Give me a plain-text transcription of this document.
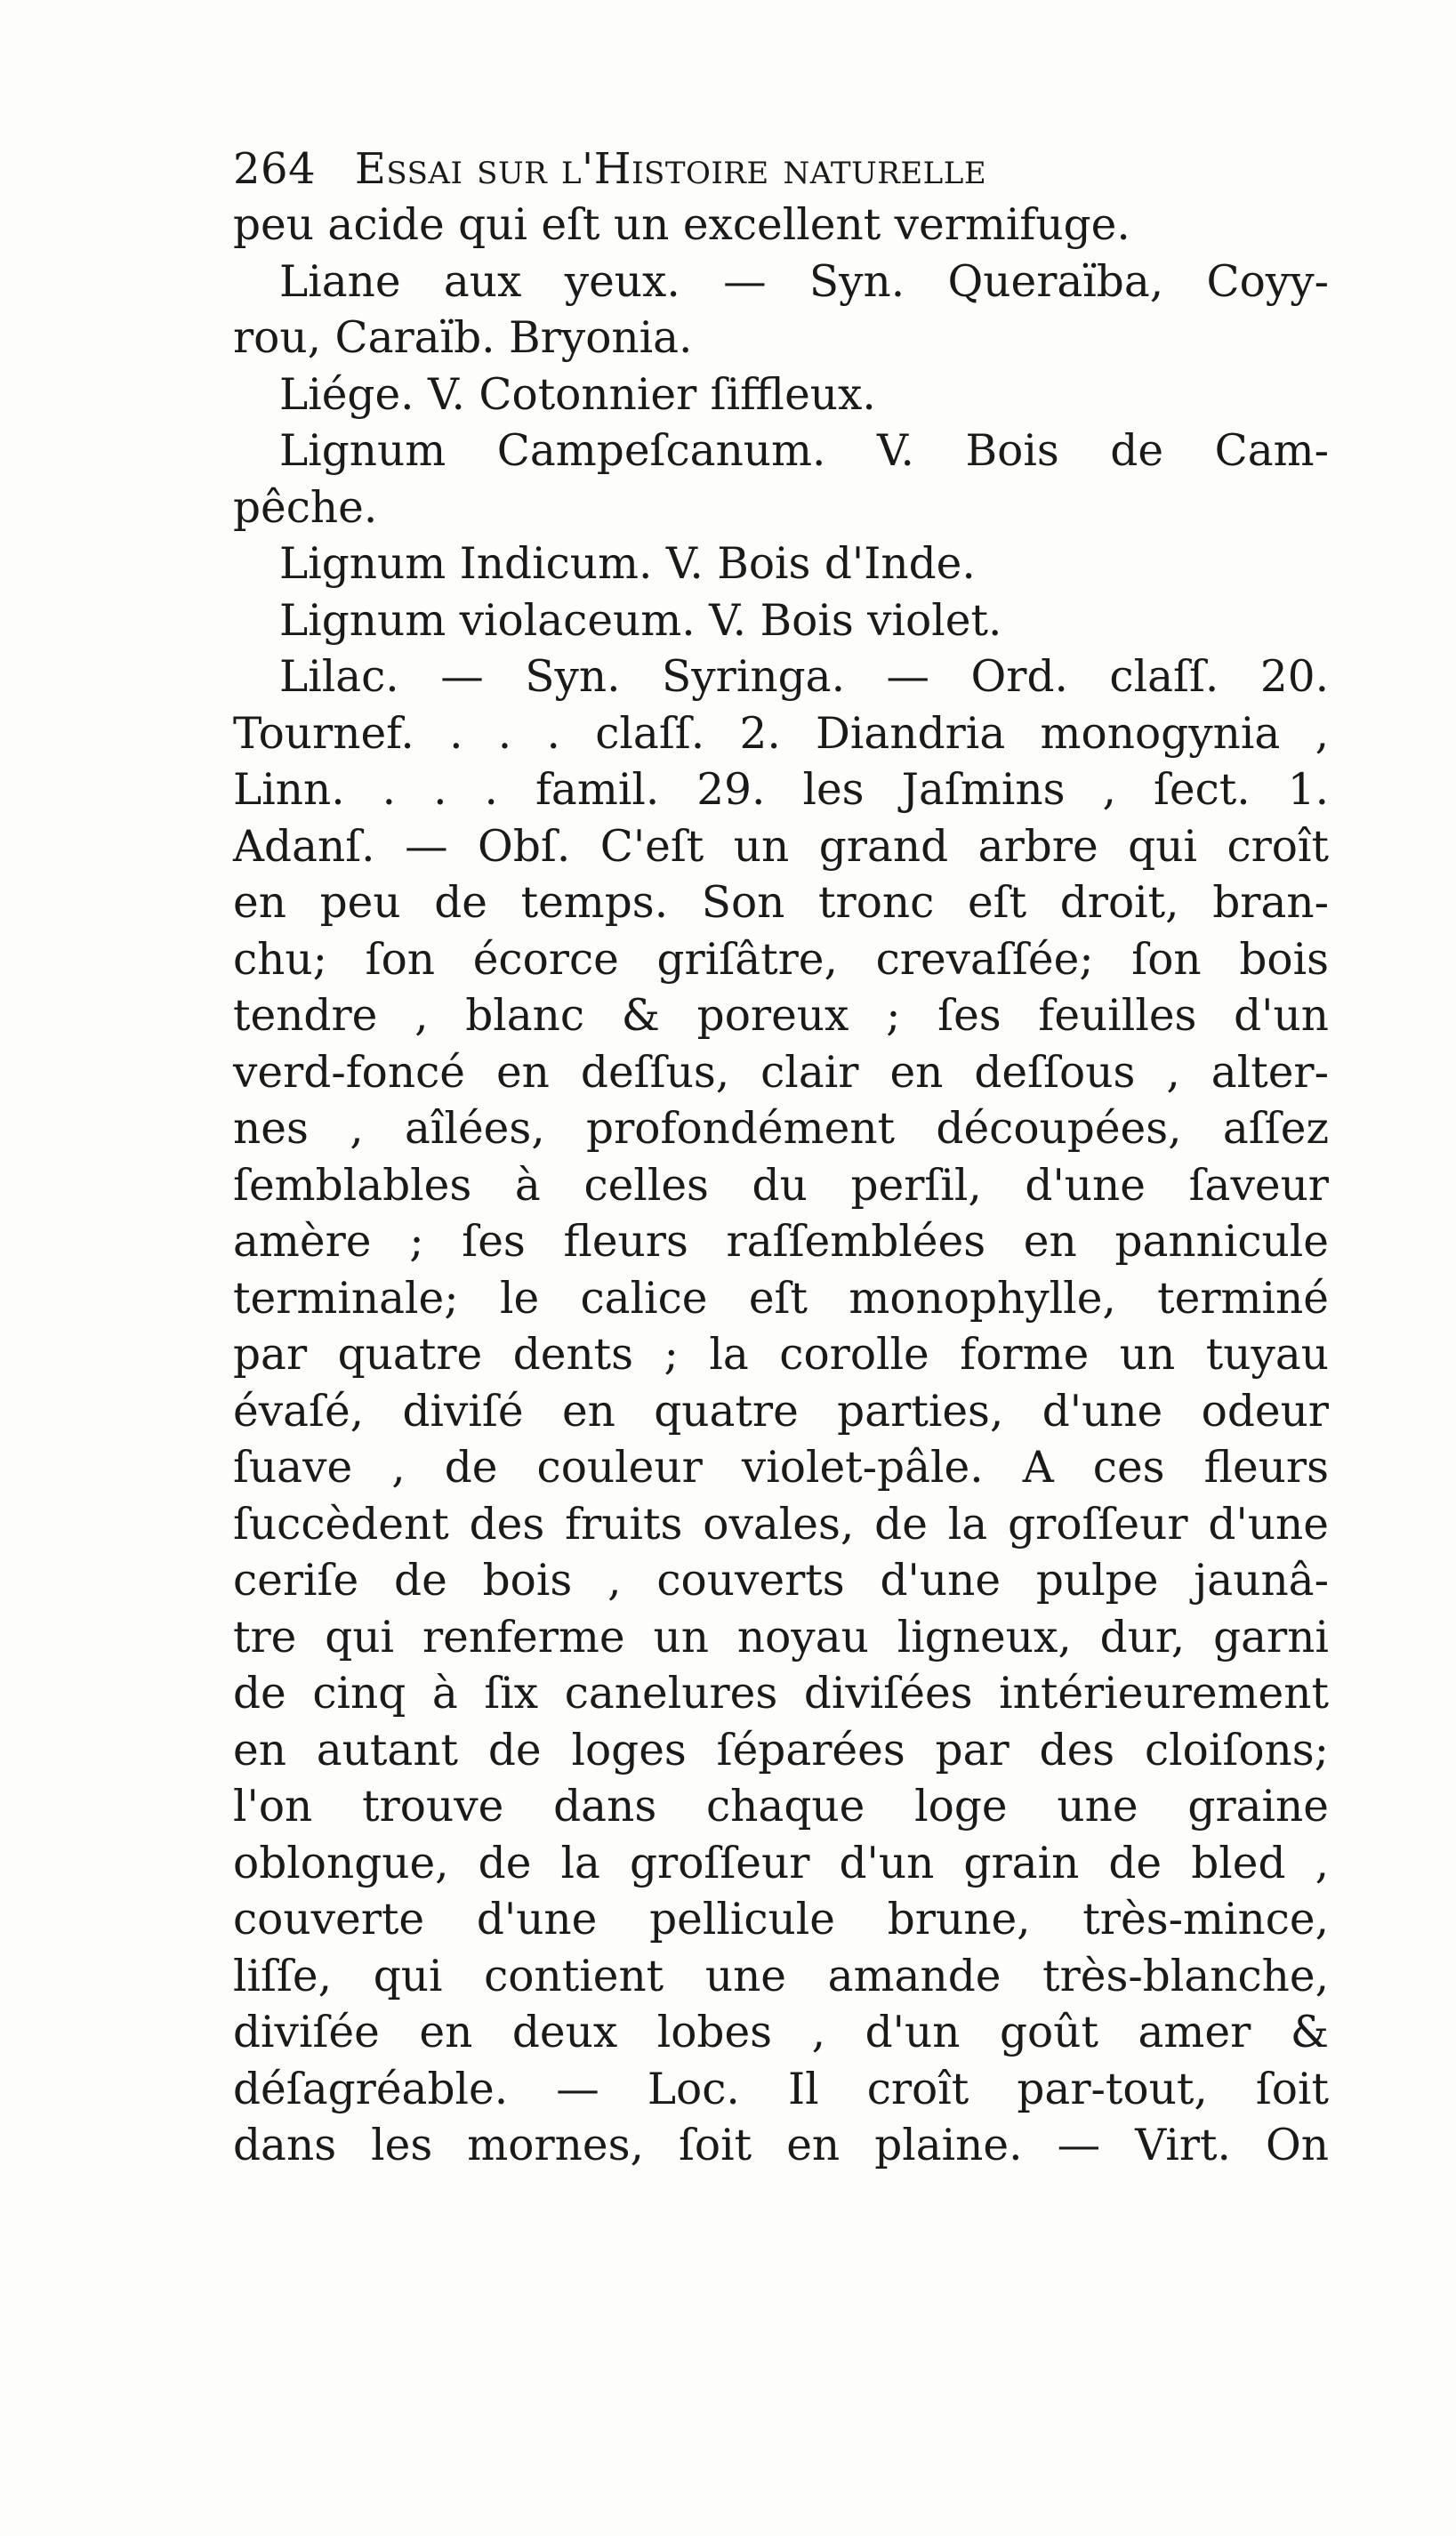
264 Essai sur l'Histoire naturelle
peu acide qui eſt un excellent vermifuge.
Liane aux yeux. — Syn. Queraïba, Coyy-
rou, Caraïb. Bryonia.
Liége. V. Cotonnier ſiffleux.
Lignum Campeſcanum. V. Bois de Cam-
pêche.
Lignum Indicum. V. Bois d'Inde.
Lignum violaceum. V. Bois violet.
Lilac. — Syn. Syringa. — Ord. claſſ. 20.
Tournef. . . . claſſ. 2. Diandria monogynia ,
Linn. . . . famil. 29. les Jaſmins , ſect. 1.
Adanſ. — Obſ. C'eſt un grand arbre qui croît
en peu de temps. Son tronc eſt droit, bran-
chu; ſon écorce griſâtre, crevaſſée; ſon bois
tendre , blanc & poreux ; ſes feuilles d'un
verd-foncé en deſſus, clair en deſſous , alter-
nes , aîlées, profondément découpées, aſſez
ſemblables à celles du perſil, d'une ſaveur
amère ; ſes fleurs raſſemblées en pannicule
terminale; le calice eſt monophylle, terminé
par quatre dents ; la corolle forme un tuyau
évaſé, diviſé en quatre parties, d'une odeur
ſuave , de couleur violet-pâle. A ces fleurs
ſuccèdent des fruits ovales, de la groſſeur d'une
ceriſe de bois , couverts d'une pulpe jaunâ-
tre qui renferme un noyau ligneux, dur, garni
de cinq à ſix canelures diviſées intérieurement
en autant de loges ſéparées par des cloiſons;
l'on trouve dans chaque loge une graine
oblongue, de la groſſeur d'un grain de bled ,
couverte d'une pellicule brune, très-mince,
liſſe, qui contient une amande très-blanche,
diviſée en deux lobes , d'un goût amer &
déſagréable. — Loc. Il croît par-tout, ſoit
dans les mornes, ſoit en plaine. — Virt. On
